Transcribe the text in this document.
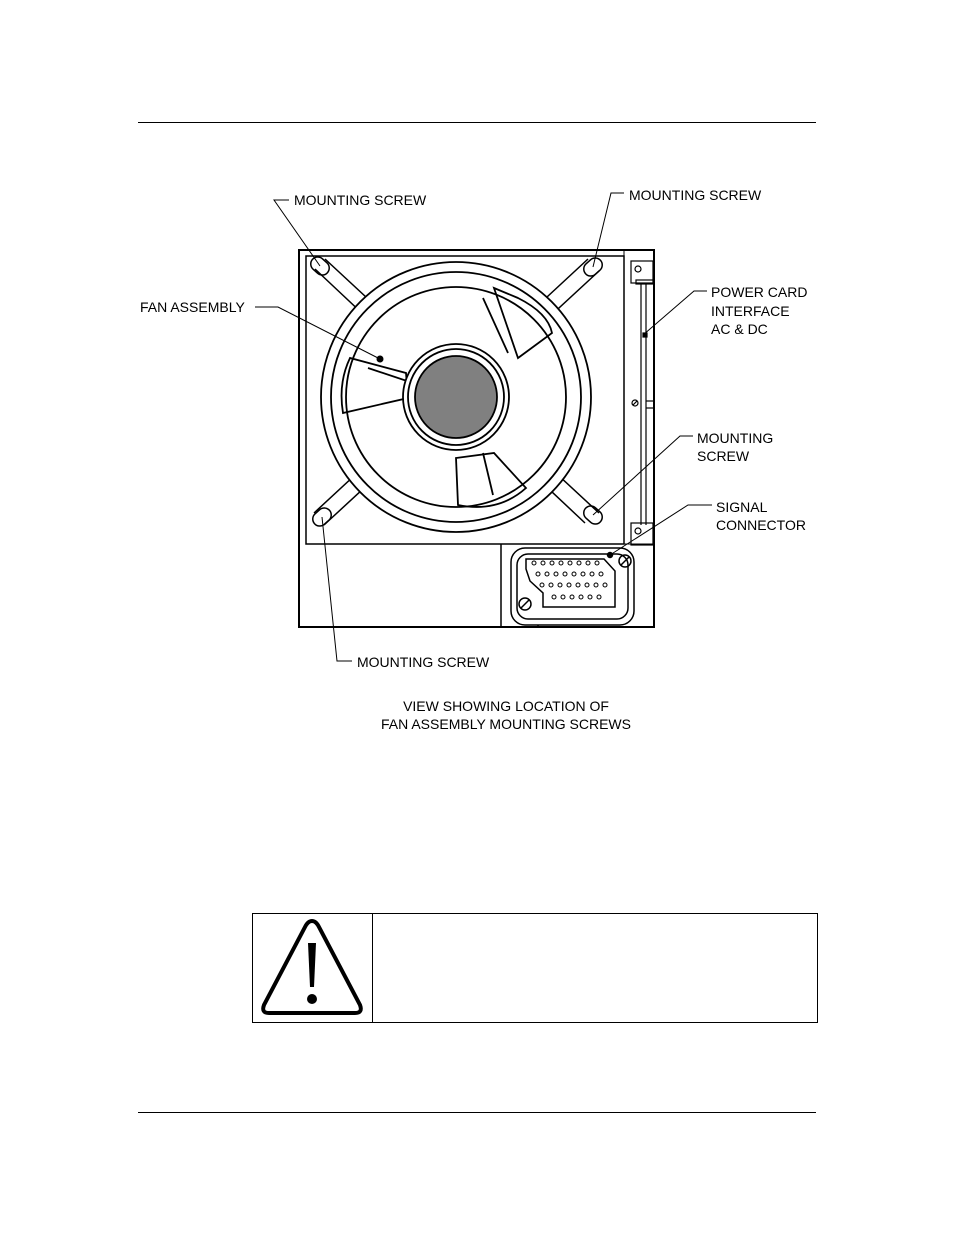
MOUNTING SCREW	MOUNTING SCREW
FAN ASSEMBLY
POWER CARD
INTERFACE
AC & DC
MOUNTING
SCREW
SIGNAL
CONNECTOR
MOUNTING SCREW
VIEW SHOWING LOCATION OF
FAN ASSEMBLY MOUNTING SCREWS
